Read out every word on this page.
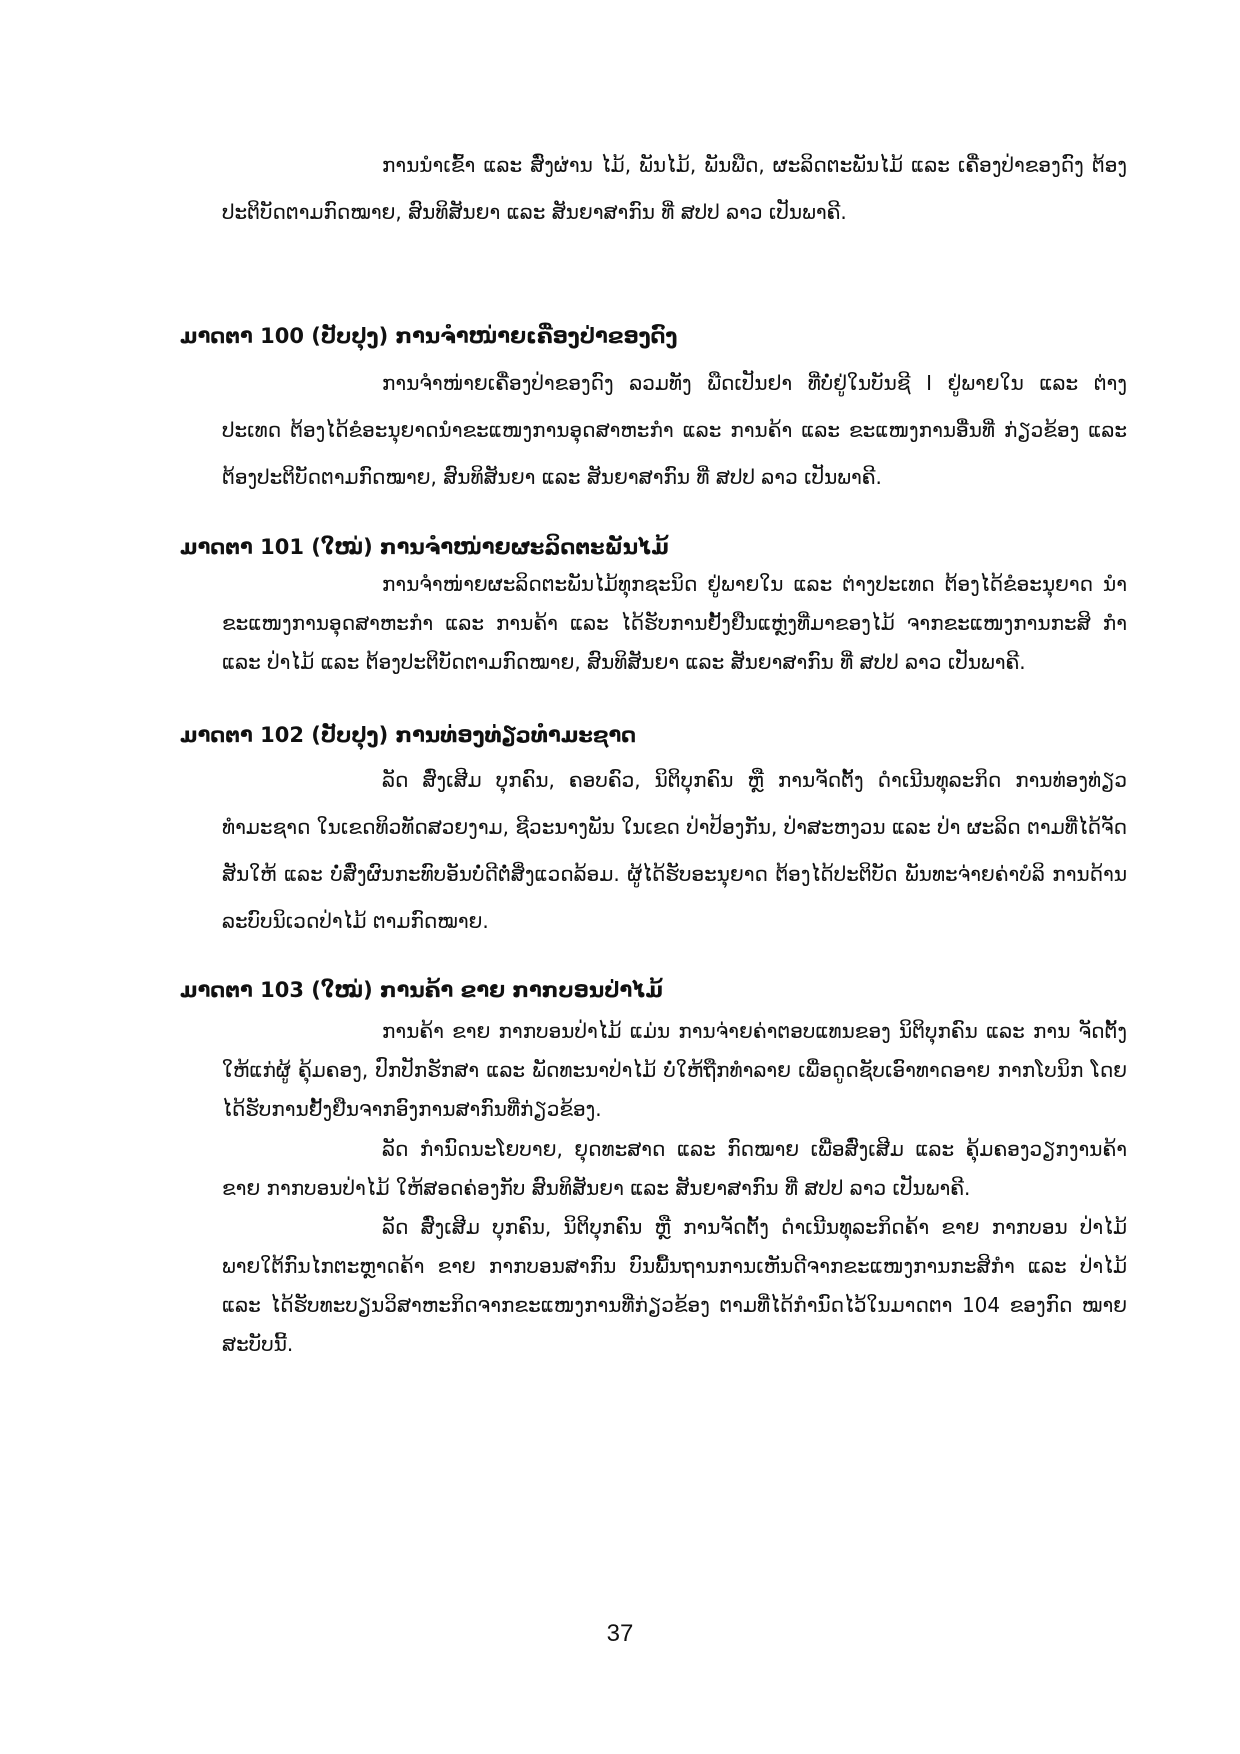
ການນຳເຂົ້າ ແລະ ສົ່ງຜ່ານ ໄມ້, ພັນໄມ້, ພັນພືດ, ຜະລິດຕະພັນໄມ້ ແລະ ເຄື່ອງປ່າຂອງດົງ ຕ້ອງປະຕິບັດຕາມກົດໝາຍ, ສົນທິສັນຍາ ແລະ ສັນຍາສາກົນ ທີ່ ສປປ ລາວ ເປັນພາຄີ.

ມາດຕາ 100 (ປັບປຸງ) ການຈຳໜ່າຍເຄື່ອງປ່າຂອງດົງ

ການຈຳໜ່າຍເຄື່ອງປ່າຂອງດົງ ລວມທັງ ພືດເປັນຢາ ທີ່ບໍ່ຢູ່ໃນບັນຊີ I ຢູ່ພາຍໃນ ແລະ ຕ່າງ ປະເທດ ຕ້ອງໄດ້ຂໍອະນຸຍາດນຳຂະແໜງການອຸດສາຫະກຳ ແລະ ການຄ້າ ແລະ ຂະແໜງການອື່ນທີ່ ກ່ຽວຂ້ອງ ແລະ ຕ້ອງປະຕິບັດຕາມກົດໝາຍ, ສົນທິສັນຍາ ແລະ ສັນຍາສາກົນ ທີ່ ສປປ ລາວ ເປັນພາຄີ.

ມາດຕາ 101 (ໃໝ່) ການຈຳໜ່າຍຜະລິດຕະພັນໄມ້

ການຈຳໜ່າຍຜະລິດຕະພັນໄມ້ທຸກຊະນິດ ຢູ່ພາຍໃນ ແລະ ຕ່າງປະເທດ ຕ້ອງໄດ້ຂໍອະນຸຍາດ ນຳຂະແໜງການອຸດສາຫະກຳ ແລະ ການຄ້າ ແລະ ໄດ້ຮັບການຢັ້ງຢືນແຫຼ່ງທີ່ມາຂອງໄມ້ ຈາກຂະແໜງການກະສິ ກຳ ແລະ ປ່າໄມ້ ແລະ ຕ້ອງປະຕິບັດຕາມກົດໝາຍ, ສົນທິສັນຍາ ແລະ ສັນຍາສາກົນ ທີ່ ສປປ ລາວ ເປັນພາຄີ.

ມາດຕາ 102 (ປັບປຸງ) ການທ່ອງທ່ຽວທຳມະຊາດ

ລັດ ສົ່ງເສີມ ບຸກຄົນ, ຄອບຄົວ, ນິຕິບຸກຄົນ ຫຼື ການຈັດຕັ້ງ ດຳເນີນທຸລະກິດ ການທ່ອງທ່ຽວທຳມະຊາດ ໃນເຂດທິວທັດສວຍງາມ, ຊີວະນາງພັນ ໃນເຂດ ປ່າປ້ອງກັນ, ປ່າສະຫງວນ ແລະ ປ່າ ຜະລິດ ຕາມທີ່ໄດ້ຈັດສັນໃຫ້ ແລະ ບໍ່ສົ່ງຜົນກະທົບອັນບໍ່ດີຕໍ່ສິ່ງແວດລ້ອມ. ຜູ້ໄດ້ຮັບອະນຸຍາດ ຕ້ອງໄດ້ປະຕິບັດ ພັນທະຈ່າຍຄ່າບໍລິ ການດ້ານລະບົບນິເວດປ່າໄມ້ ຕາມກົດໝາຍ.

ມາດຕາ 103 (ໃໝ່) ການຄ້າ ຂາຍ ກາກບອນປ່າໄມ້

ການຄ້າ ຂາຍ ກາກບອນປ່າໄມ້ ແມ່ນ ການຈ່າຍຄ່າຕອບແທນຂອງ ນິຕິບຸກຄົນ ແລະ ການ ຈັດຕັ້ງ ໃຫ້ແກ່ຜູ້ ຄຸ້ມຄອງ, ປົກປັກຮັກສາ ແລະ ພັດທະນາປ່າໄມ້ ບໍ່ໃຫ້ຖືກທຳລາຍ ເພື່ອດູດຊັບເອົາທາດອາຍ ກາກໂບນິກ ໂດຍໄດ້ຮັບການຢັ້ງຢືນຈາກອົງການສາກົນທີ່ກ່ຽວຂ້ອງ.

ລັດ ກຳນົດນະໂຍບາຍ, ຍຸດທະສາດ ແລະ ກົດໝາຍ ເພື່ອສົ່ງເສີມ ແລະ ຄຸ້ມຄອງວຽກງານຄ້າ ຂາຍ ກາກບອນປ່າໄມ້ ໃຫ້ສອດຄ່ອງກັບ ສົນທິສັນຍາ ແລະ ສັນຍາສາກົນ ທີ່ ສປປ ລາວ ເປັນພາຄີ.

ລັດ ສົ່ງເສີມ ບຸກຄົນ, ນິຕິບຸກຄົນ ຫຼື ການຈັດຕັ້ງ ດຳເນີນທຸລະກິດຄ້າ ຂາຍ ກາກບອນ ປ່າໄມ້ ພາຍໃຕ້ກົນໄກຕະຫຼາດຄ້າ ຂາຍ ກາກບອນສາກົນ ບົນພື້ນຖານການເຫັນດີຈາກຂະແໜງການກະສິກຳ ແລະ ປ່າໄມ້ ແລະ ໄດ້ຮັບທະບຽນວິສາຫະກິດຈາກຂະແໜງການທີ່ກ່ຽວຂ້ອງ ຕາມທີ່ໄດ້ກຳນົດໄວ້ໃນມາດຕາ 104 ຂອງກົດ ໝາຍສະບັບນີ້.

37
